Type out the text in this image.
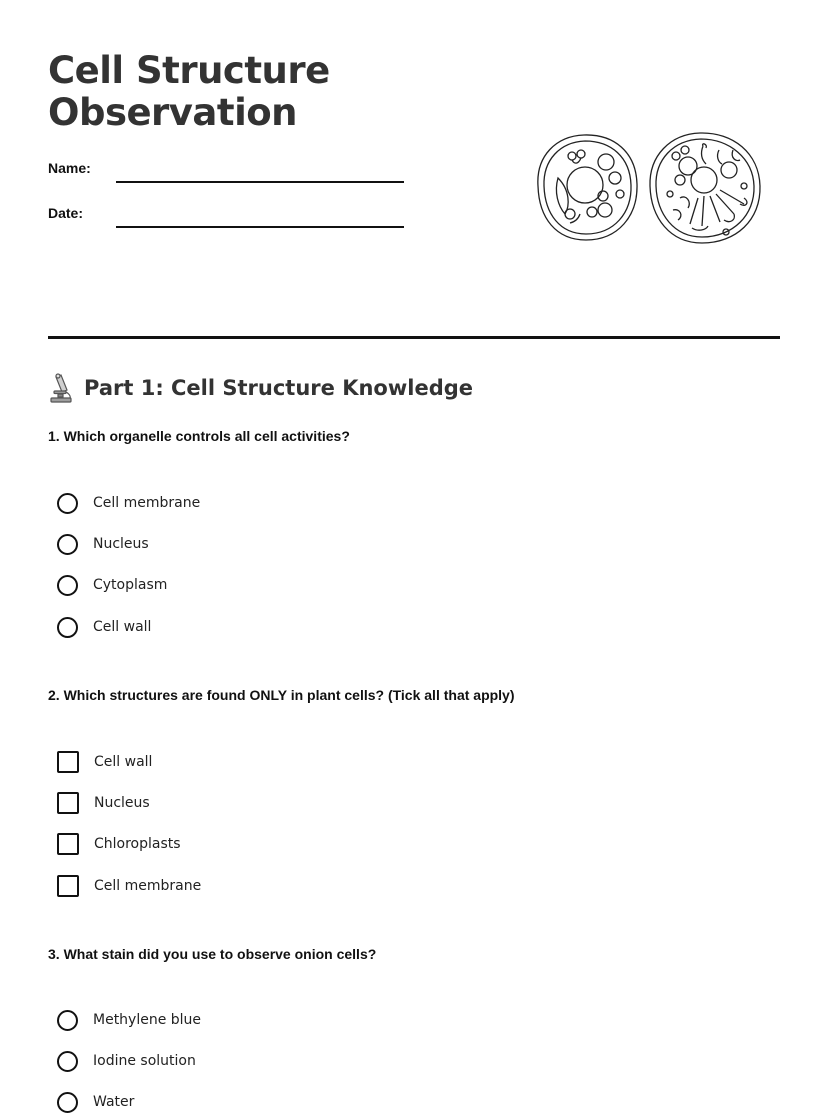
Cell Structure
Observation
Name:
Date:
Part 1: Cell Structure Knowledge

1. Which organelle controls all cell activities?

Cell membrane
Nucleus
Cytoplasm
Cell wall

2. Which structures are found ONLY in plant cells? (Tick all that apply)

Cell wall
Nucleus
Chloroplasts
Cell membrane

3. What stain did you use to observe onion cells?

Methylene blue
Iodine solution
Water
